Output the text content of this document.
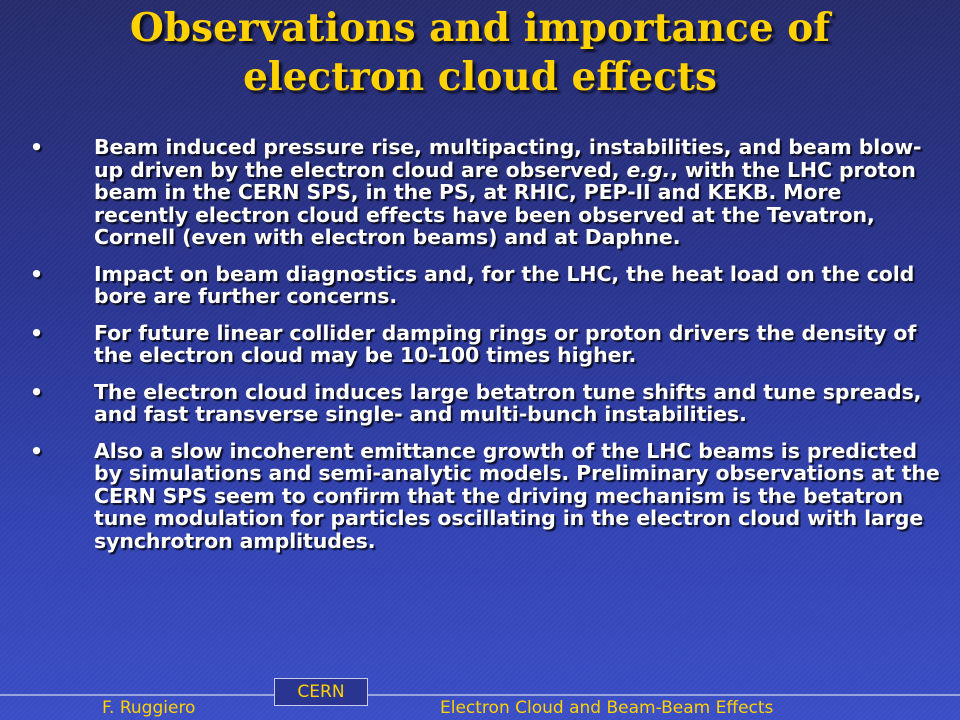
Observations and importance of
electron cloud effects
• Beam induced pressure rise, multipacting, instabilities, and beam blow-up driven by the electron cloud are observed, e.g., with the LHC proton beam in the CERN SPS, in the PS, at RHIC, PEP-II and KEKB. More recently electron cloud effects have been observed at the Tevatron, Cornell (even with electron beams) and at Daphne.
• Impact on beam diagnostics and, for the LHC, the heat load on the cold bore are further concerns.
• For future linear collider damping rings or proton drivers the density of the electron cloud may be 10-100 times higher.
• The electron cloud induces large betatron tune shifts and tune spreads, and fast transverse single- and multi-bunch instabilities.
• Also a slow incoherent emittance growth of the LHC beams is predicted by simulations and semi-analytic models. Preliminary observations at the CERN SPS seem to confirm that the driving mechanism is the betatron tune modulation for particles oscillating in the electron cloud with large synchrotron amplitudes.
CERN
F. Ruggiero	Electron Cloud and Beam-Beam Effects
